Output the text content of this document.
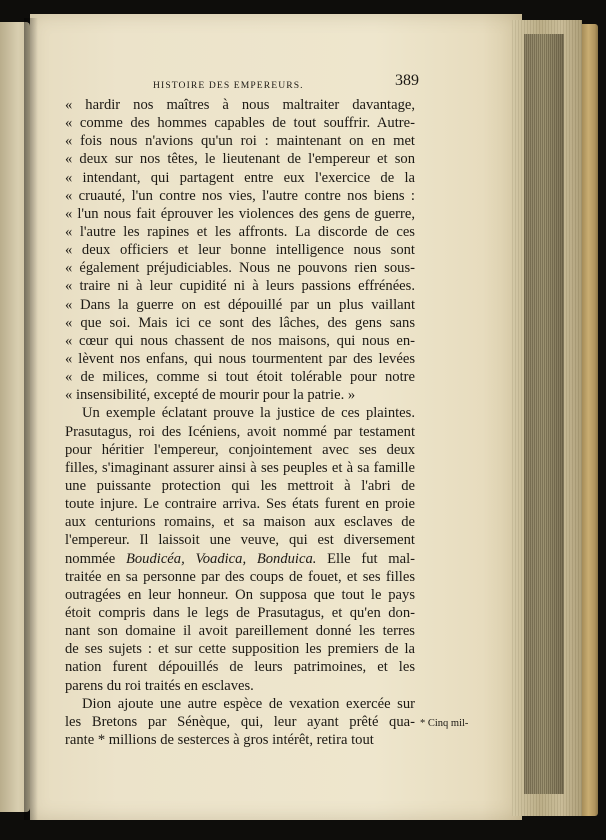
HISTOIRE DES EMPEREURS.	389
« hardir nos maîtres à nous maltraiter davantage,
« comme des hommes capables de tout souffrir. Autre-
« fois nous n'avions qu'un roi : maintenant on en met
« deux sur nos têtes, le lieutenant de l'empereur et son
« intendant, qui partagent entre eux l'exercice de la
« cruauté, l'un contre nos vies, l'autre contre nos biens :
« l'un nous fait éprouver les violences des gens de guerre,
« l'autre les rapines et les affronts. La discorde de ces
« deux officiers et leur bonne intelligence nous sont
« également préjudiciables. Nous ne pouvons rien sous-
« traire ni à leur cupidité ni à leurs passions effrénées.
« Dans la guerre on est dépouillé par un plus vaillant
« que soi. Mais ici ce sont des lâches, des gens sans
« cœur qui nous chassent de nos maisons, qui nous en-
« lèvent nos enfans, qui nous tourmentent par des levées
« de milices, comme si tout étoit tolérable pour notre
« insensibilité, excepté de mourir pour la patrie. »
Un exemple éclatant prouve la justice de ces plaintes.
Prasutagus, roi des Icéniens, avoit nommé par testament
pour héritier l'empereur, conjointement avec ses deux
filles, s'imaginant assurer ainsi à ses peuples et à sa famille
une puissante protection qui les mettroit à l'abri de
toute injure. Le contraire arriva. Ses états furent en proie
aux centurions romains, et sa maison aux esclaves de
l'empereur. Il laissoit une veuve, qui est diversement
nommée Boudicéa, Voadica, Bonduica. Elle fut mal-
traitée en sa personne par des coups de fouet, et ses filles
outragées en leur honneur. On supposa que tout le pays
étoit compris dans le legs de Prasutagus, et qu'en don-
nant son domaine il avoit pareillement donné les terres
de ses sujets : et sur cette supposition les premiers de la
nation furent dépouillés de leurs patrimoines, et les
parens du roi traités en esclaves.
Dion ajoute une autre espèce de vexation exercée sur
les Bretons par Sénèque, qui, leur ayant prêté qua-
rante * millions de sesterces à gros intérêt, retira tout
* Cinq mil-
